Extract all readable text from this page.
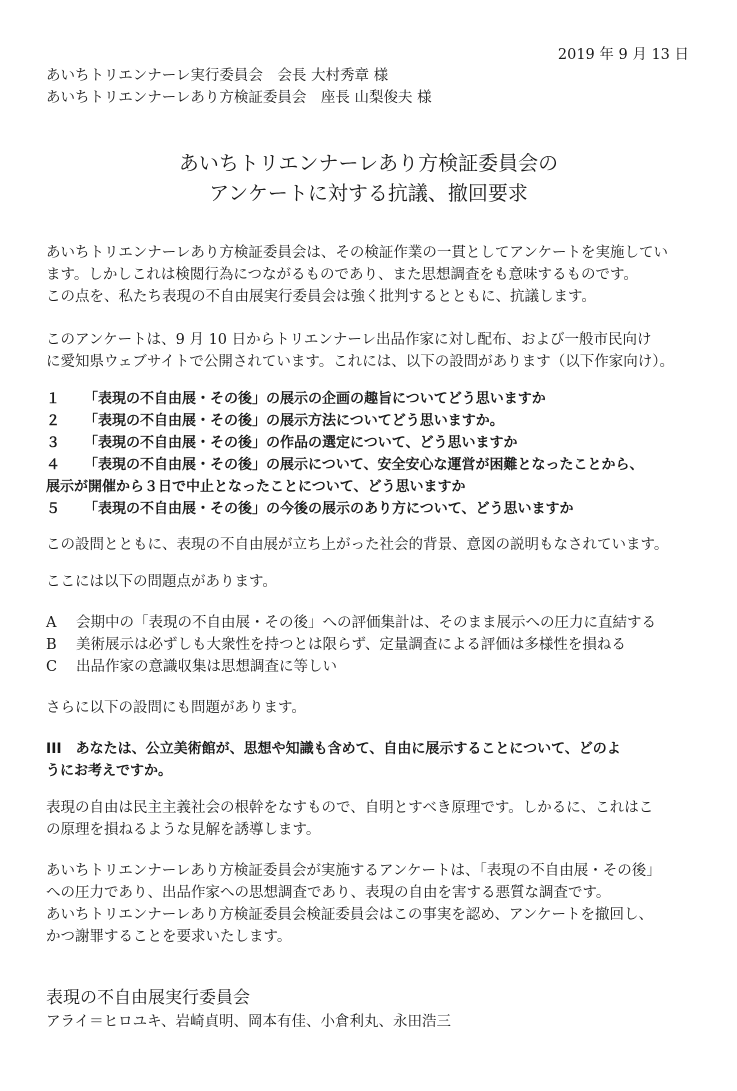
2019 年 9 月 13 日
あいちトリエンナーレ実行委員会　会長 大村秀章 様
あいちトリエンナーレあり方検証委員会　座長 山梨俊夫 様
あいちトリエンナーレあり方検証委員会の
アンケートに対する抗議、撤回要求
あいちトリエンナーレあり方検証委員会は、その検証作業の一貫としてアンケートを実施してい
ます。しかしこれは検閲行為につながるものであり、また思想調査をも意味するものです。
この点を、私たち表現の不自由展実行委員会は強く批判するとともに、抗議します。
このアンケートは、9 月 10 日からトリエンナーレ出品作家に対し配布、および一般市民向け
に愛知県ウェブサイトで公開されています。これには、以下の設問があります（以下作家向け）。
１ 「表現の不自由展・その後」の展示の企画の趣旨についてどう思いますか
２ 「表現の不自由展・その後」の展示方法についてどう思いますか。
３ 「表現の不自由展・その後」の作品の選定について、どう思いますか
４ 「表現の不自由展・その後」の展示について、安全安心な運営が困難となったことから、
展示が開催から３日で中止となったことについて、どう思いますか
５ 「表現の不自由展・その後」の今後の展示のあり方について、どう思いますか
この設問とともに、表現の不自由展が立ち上がった社会的背景、意図の説明もなされています。
ここには以下の問題点があります。
A 会期中の「表現の不自由展・その後」への評価集計は、そのまま展示への圧力に直結する
B 美術展示は必ずしも大衆性を持つとは限らず、定量調査による評価は多様性を損ねる
C 出品作家の意識収集は思想調査に等しい
さらに以下の設問にも問題があります。
III　あなたは、公立美術館が、思想や知識も含めて、自由に展示することについて、どのよ
うにお考えですか。
表現の自由は民主主義社会の根幹をなすもので、自明とすべき原理です。しかるに、これはこ
の原理を損ねるような見解を誘導します。
あいちトリエンナーレあり方検証委員会が実施するアンケートは、「表現の不自由展・その後」
への圧力であり、出品作家への思想調査であり、表現の自由を害する悪質な調査です。
あいちトリエンナーレあり方検証委員会検証委員会はこの事実を認め、アンケートを撤回し、
かつ謝罪することを要求いたします。
表現の不自由展実行委員会
アライ＝ヒロユキ、岩崎貞明、岡本有佳、小倉利丸、永田浩三
